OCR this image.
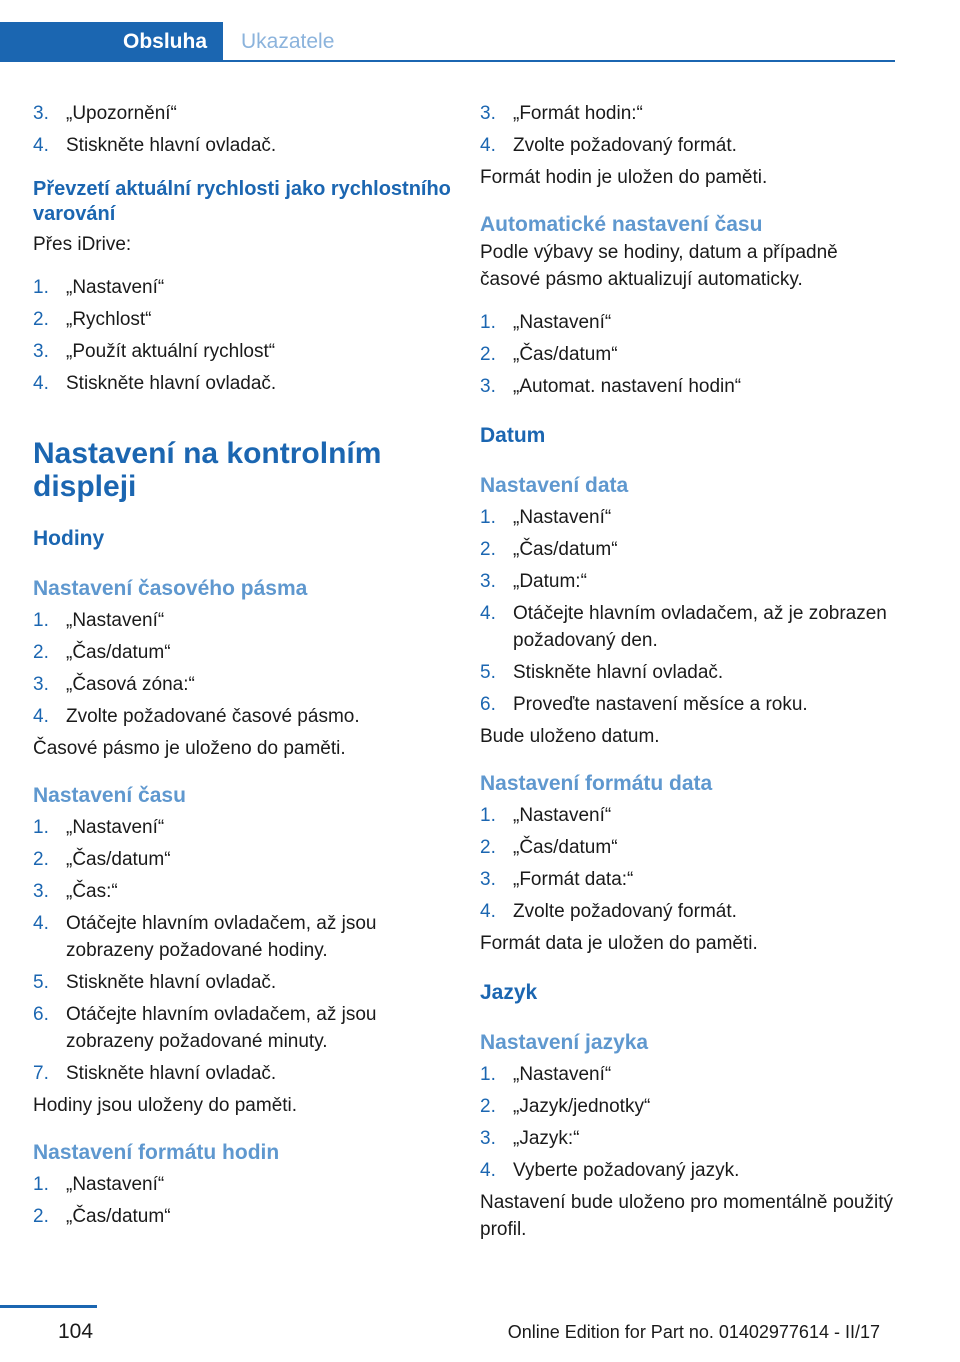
Obsluha	Ukazatele
3. „Upozornění“
4. Stiskněte hlavní ovladač.
Převzetí aktuální rychlosti jako rychlostního varování

Přes iDrive:

1. „Nastavení“
2. „Rychlost“
3. „Použít aktuální rychlost“
4. Stiskněte hlavní ovladač.
Nastavení na kontrolním displeji
Hodiny
Nastavení časového pásma
1. „Nastavení“
2. „Čas/datum“
3. „Časová zóna:“
4. Zvolte požadované časové pásmo.

Časové pásmo je uloženo do paměti.

Nastavení času
1. „Nastavení“
2. „Čas/datum“
3. „Čas:“
4. Otáčejte hlavním ovladačem, až jsou zobrazeny požadované hodiny.
5. Stiskněte hlavní ovladač.
6. Otáčejte hlavním ovladačem, až jsou zobrazeny požadované minuty.
7. Stiskněte hlavní ovladač.

Hodiny jsou uloženy do paměti.

Nastavení formátu hodin
1. „Nastavení“
2. „Čas/datum“
3. „Formát hodin:“
4. Zvolte požadovaný formát.

Formát hodin je uložen do paměti.

Automatické nastavení času

Podle výbavy se hodiny, datum a případně časové pásmo aktualizují automaticky.

1. „Nastavení“
2. „Čas/datum“
3. „Automat. nastavení hodin“
Datum
Nastavení data
1. „Nastavení“
2. „Čas/datum“
3. „Datum:“
4. Otáčejte hlavním ovladačem, až je zobrazen požadovaný den.
5. Stiskněte hlavní ovladač.
6. Proveďte nastavení měsíce a roku.

Bude uloženo datum.

Nastavení formátu data
1. „Nastavení“
2. „Čas/datum“
3. „Formát data:“
4. Zvolte požadovaný formát.

Formát data je uložen do paměti.

Jazyk
Nastavení jazyka
1. „Nastavení“
2. „Jazyk/jednotky“
3. „Jazyk:“
4. Vyberte požadovaný jazyk.

Nastavení bude uloženo pro momentálně použitý profil.

104	Online Edition for Part no. 01402977614 - II/17
